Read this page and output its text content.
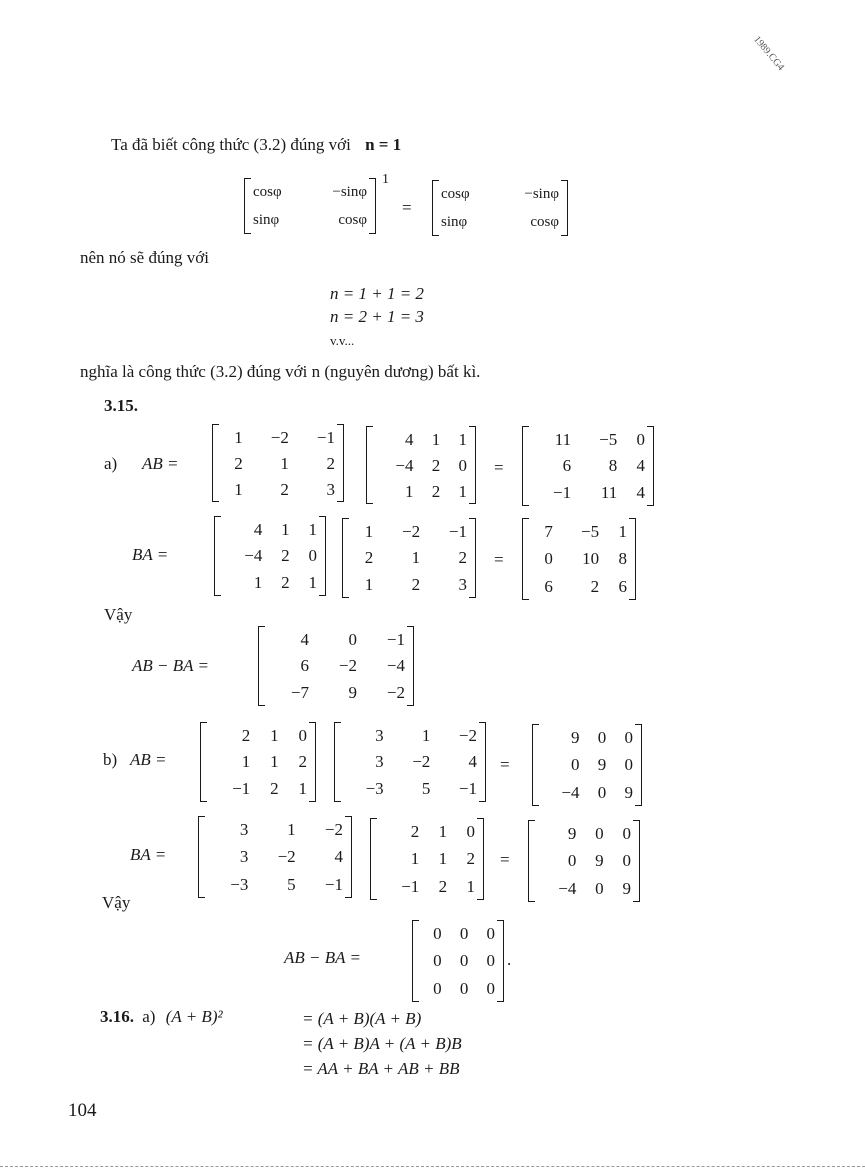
1989.CG4
Ta đã biết công thức (3.2) đúng với n = 1
cosφ	−sinφ
sinφ	cosφ
1
=
cosφ	−sinφ
sinφ	cosφ
nên nó sẽ đúng với
n = 1 + 1 = 2
n = 2 + 1 = 3
v.v...
nghĩa là công thức (3.2) đúng với n (nguyên dương) bất kì.
3.15.
a) AB =
1	−2	−1
2	1	2
1	2	3
4	1	1
−4	2	0
1	2	1
=
11	−5	0
6	8	4
−1	11	4
BA =
4	1	1
−4	2	0
1	2	1
1	−2	−1
2	1	2
1	2	3
=
7	−5	1
0	10	8
6	2	6
Vậy
AB − BA =
4	0	−1
6	−2	−4
−7	9	−2
b) AB =
2	1	0
1	1	2
−1	2	1
3	1	−2
3	−2	4
−3	5	−1
=
9	0	0
0	9	0
−4	0	9
BA =
3	1	−2
3	−2	4
−3	5	−1
2	1	0
1	1	2
−1	2	1
=
9	0	0
0	9	0
−4	0	9
Vậy
AB − BA =
0	0	0
0	0	0
0	0	0
.
3.16. a) (A + B)²	= (A + B)(A + B)
= (A + B)A + (A + B)B
= AA + BA + AB + BB
104
